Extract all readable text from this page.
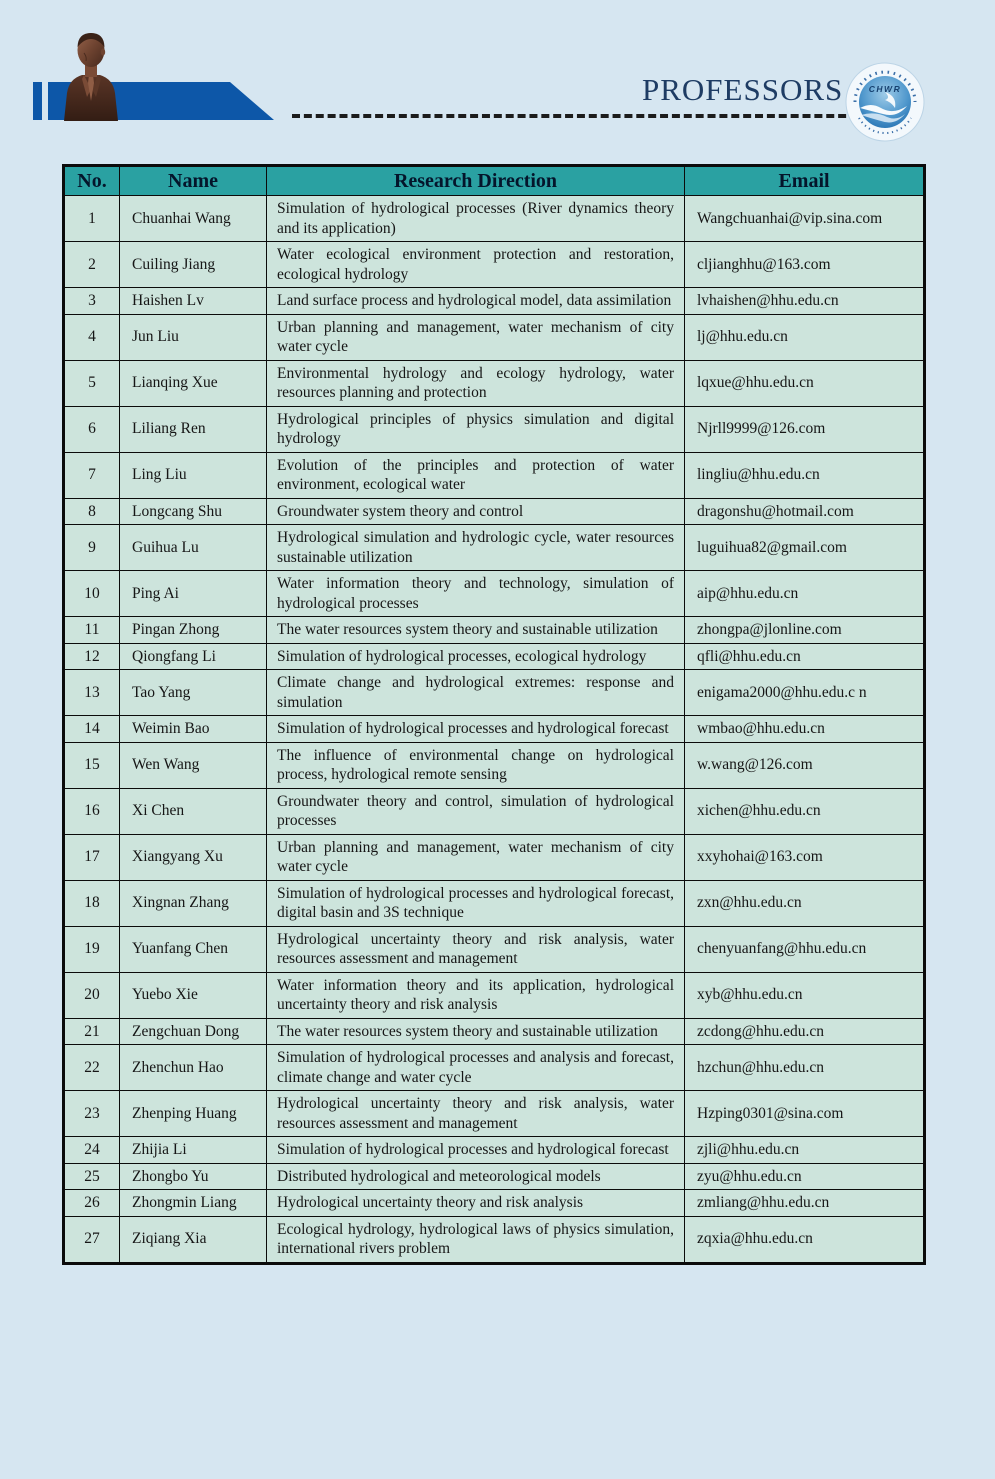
PROFESSORS	CHWR
No.	Name	Research Direction	Email
1	Chuanhai Wang	Simulation of hydrological processes (River dynamics theory and its application)	Wangchuanhai@vip.sina.com
2	Cuiling Jiang	Water ecological environment protection and restoration, ecological hydrology	cljianghhu@163.com
3	Haishen Lv	Land surface process and hydrological model, data assimilation	lvhaishen@hhu.edu.cn
4	Jun Liu	Urban planning and management, water mechanism of city water cycle	lj@hhu.edu.cn
5	Lianqing Xue	Environmental hydrology and ecology hydrology, water resources planning and protection	lqxue@hhu.edu.cn
6	Liliang Ren	Hydrological principles of physics simulation and digital hydrology	Njrll9999@126.com
7	Ling Liu	Evolution of the principles and protection of water environment, ecological water	lingliu@hhu.edu.cn
8	Longcang Shu	Groundwater system theory and control	dragonshu@hotmail.com
9	Guihua Lu	Hydrological simulation and hydrologic cycle, water resources sustainable utilization	luguihua82@gmail.com
10	Ping Ai	Water information theory and technology, simulation of hydrological processes	aip@hhu.edu.cn
11	Pingan Zhong	The water resources system theory and sustainable utilization	zhongpa@jlonline.com
12	Qiongfang Li	Simulation of hydrological processes, ecological hydrology	qfli@hhu.edu.cn
13	Tao Yang	Climate change and hydrological extremes: response and simulation	enigama2000@hhu.edu.c n
14	Weimin Bao	Simulation of hydrological processes and hydrological forecast	wmbao@hhu.edu.cn
15	Wen Wang	The influence of environmental change on hydrological process, hydrological remote sensing	w.wang@126.com
16	Xi Chen	Groundwater theory and control, simulation of hydrological processes	xichen@hhu.edu.cn
17	Xiangyang Xu	Urban planning and management, water mechanism of city water cycle	xxyhohai@163.com
18	Xingnan Zhang	Simulation of hydrological processes and hydrological forecast, digital basin and 3S technique	zxn@hhu.edu.cn
19	Yuanfang Chen	Hydrological uncertainty theory and risk analysis, water resources assessment and management	chenyuanfang@hhu.edu.cn
20	Yuebo Xie	Water information theory and its application, hydrological uncertainty theory and risk analysis	xyb@hhu.edu.cn
21	Zengchuan Dong	The water resources system theory and sustainable utilization	zcdong@hhu.edu.cn
22	Zhenchun Hao	Simulation of hydrological processes and analysis and forecast, climate change and water cycle	hzchun@hhu.edu.cn
23	Zhenping Huang	Hydrological uncertainty theory and risk analysis, water resources assessment and management	Hzping0301@sina.com
24	Zhijia Li	Simulation of hydrological processes and hydrological forecast	zjli@hhu.edu.cn
25	Zhongbo Yu	Distributed hydrological and meteorological models	zyu@hhu.edu.cn
26	Zhongmin Liang	Hydrological uncertainty theory and risk analysis	zmliang@hhu.edu.cn
27	Ziqiang Xia	Ecological hydrology, hydrological laws of physics simulation, international rivers problem	zqxia@hhu.edu.cn
